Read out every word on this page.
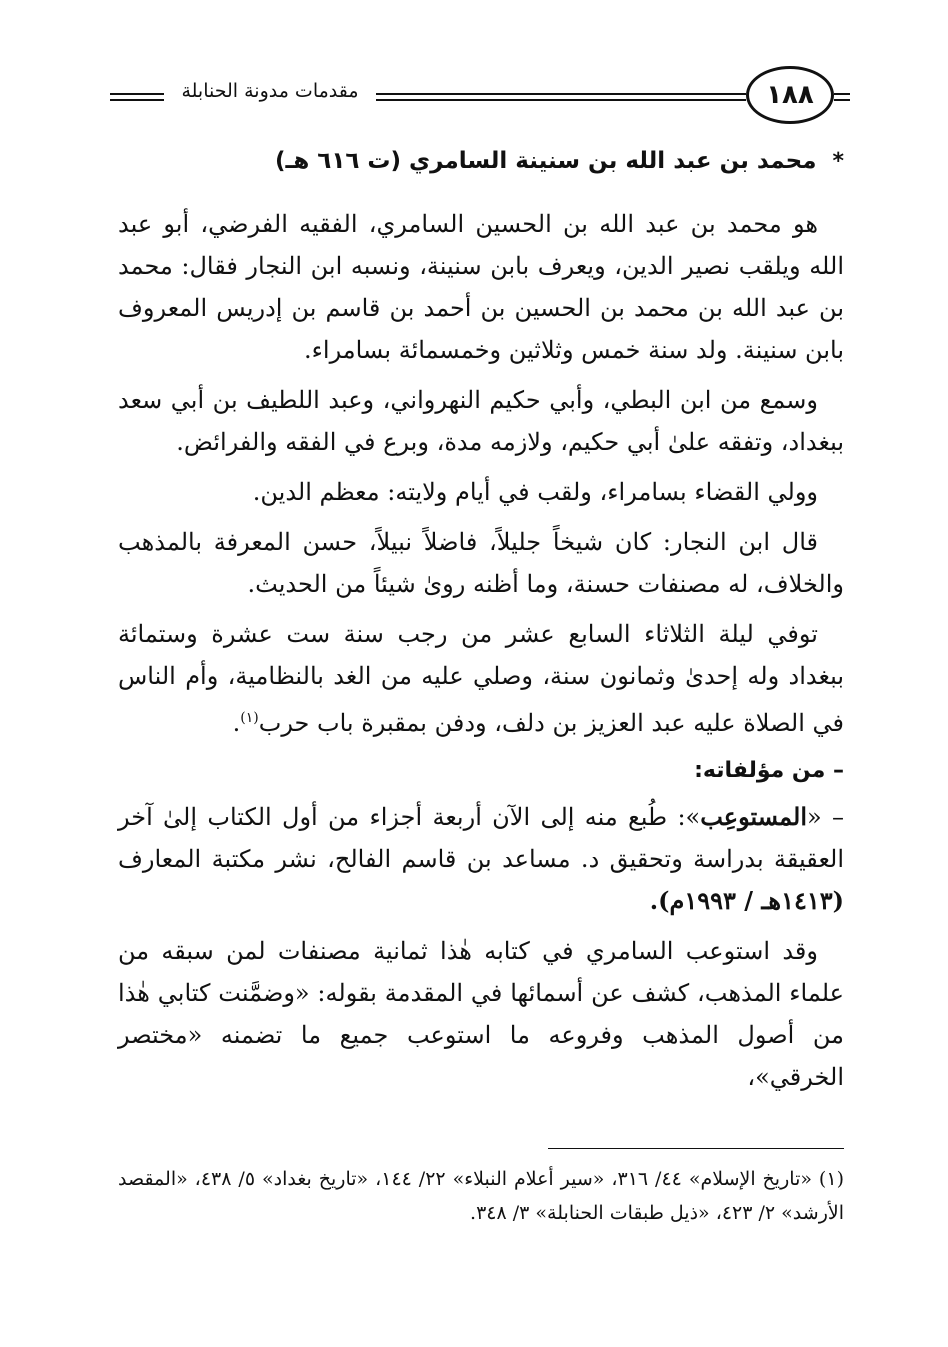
مقدمات مدونة الحنابلة	١٨٨
* محمد بن عبد الله بن سنينة السامري (ت ٦١٦ هـ)

هو محمد بن عبد الله بن الحسين السامري، الفقيه الفرضي، أبو عبد الله ويلقب نصير الدين، ويعرف بابن سنينة، ونسبه ابن النجار فقال: محمد بن عبد الله بن محمد بن الحسين بن أحمد بن قاسم بن إدريس المعروف بابن سنينة. ولد سنة خمس وثلاثين وخمسمائة بسامراء.

وسمع من ابن البطي، وأبي حكيم النهرواني، وعبد اللطيف بن أبي سعد ببغداد، وتفقه علىٰ أبي حكيم، ولازمه مدة، وبرع في الفقه والفرائض.

وولي القضاء بسامراء، ولقب في أيام ولايته: معظم الدين.

قال ابن النجار: كان شيخاً جليلاً، فاضلاً نبيلاً، حسن المعرفة بالمذهب والخلاف، له مصنفات حسنة، وما أظنه روىٰ شيئاً من الحديث.

توفي ليلة الثلاثاء السابع عشر من رجب سنة ست عشرة وستمائة ببغداد وله إحدىٰ وثمانون سنة، وصلي عليه من الغد بالنظامية، وأم الناس في الصلاة عليه عبد العزيز بن دلف، ودفن بمقبرة باب حرب$^{(١)}$.

– من مؤلفاته:

– «المستوعِب»: طُبع منه إلى الآن أربعة أجزاء من أول الكتاب إلىٰ آخر العقيقة بدراسة وتحقيق د. مساعد بن قاسم الفالح، نشر مكتبة المعارف (١٤١٣هـ / ١٩٩٣م).

وقد استوعب السامري في كتابه هٰذا ثمانية مصنفات لمن سبقه من علماء المذهب، كشف عن أسمائها في المقدمة بقوله: «وضمَّنت كتابي هٰذا من أصول المذهب وفروعه ما استوعب جميع ما تضمنه «مختصر الخرقي»،

(١) «تاريخ الإسلام» ٤٤/ ٣١٦، «سير أعلام النبلاء» ٢٢/ ١٤٤، «تاريخ بغداد» ٥/ ٤٣٨، «المقصد الأرشد» ٢/ ٤٢٣، «ذيل طبقات الحنابلة» ٣/ ٣٤٨.
